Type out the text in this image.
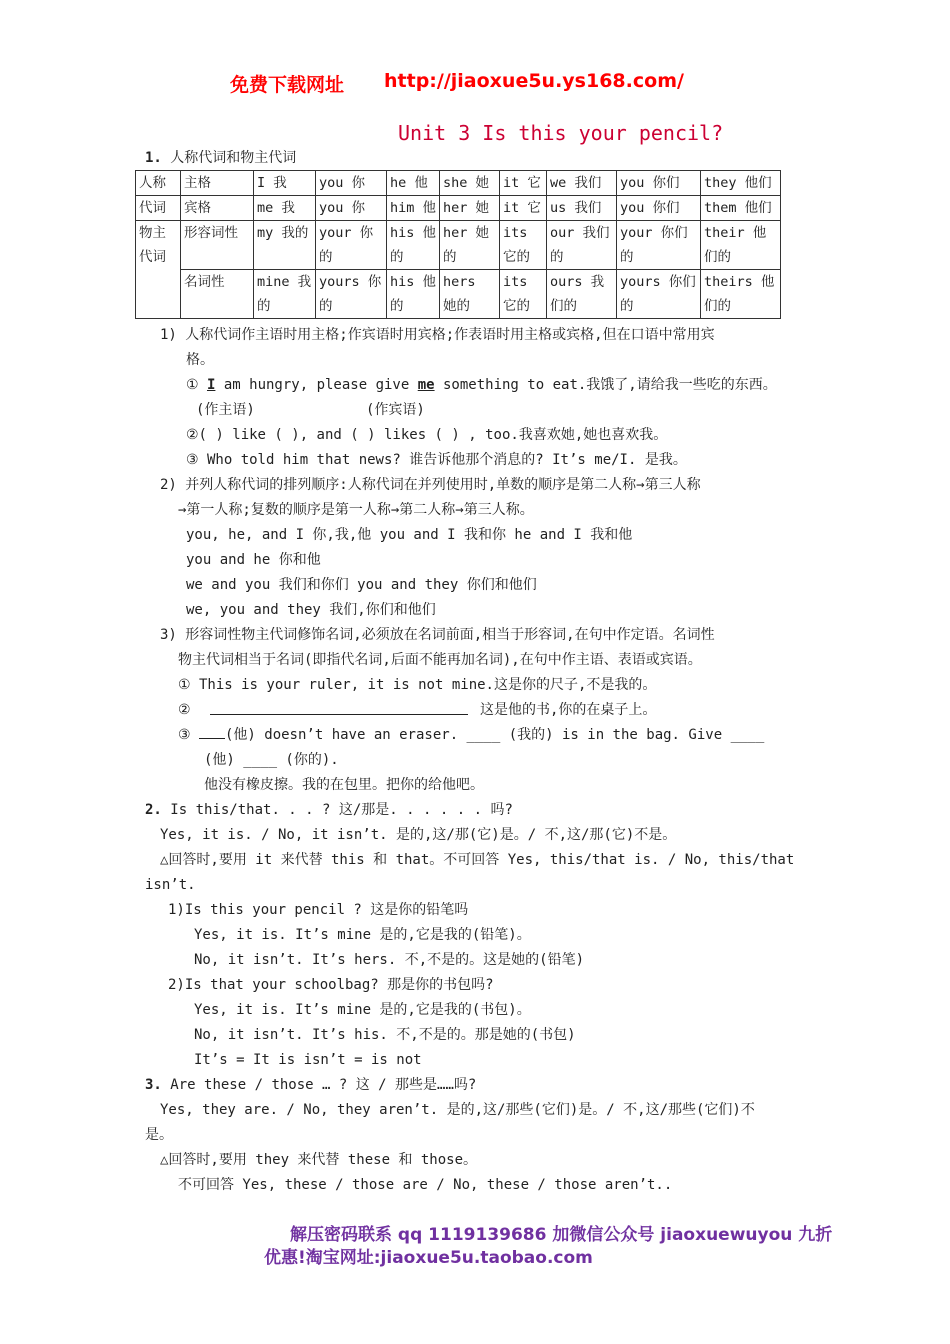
免费下载网址 http://jiaoxue5u.ys168.com/
Unit 3 Is this your pencil?
1. 人称代词和物主代词
人称	主格	I 我	you 你	he 他	she 她	it 它	we 我们	you 你们	they 他们
代词	宾格	me 我	you 你	him 他	her 她	it 它	us 我们	you 你们	them 他们
物主代词	形容词性	my 我的	your 你的	his 他的	her 她的	its 它的	our 我们的	your 你们的	their 他们的
	名词性	mine 我的	yours 你的	his 他的	hers 她的	its 它的	ours 我们的	yours 你们的	theirs 他们的
1) 人称代词作主语时用主格;作宾语时用宾格;作表语时用主格或宾格,但在口语中常用宾
格。
① I am hungry, please give me something to eat.我饿了,请给我一些吃的东西。
(作主语)	(作宾语)
②( ) like ( ), and ( ) likes ( ) , too.我喜欢她,她也喜欢我。
③ Who told him that news? 谁告诉他那个消息的? It’s me/I. 是我。
2) 并列人称代词的排列顺序:人称代词在并列使用时,单数的顺序是第二人称→第三人称
→第一人称;复数的顺序是第一人称→第二人称→第三人称。
you, he, and I 你,我,他 you and I 我和你 he and I 我和他
you and he 你和他
we and you 我们和你们 you and they 你们和他们
we, you and they 我们,你们和他们
3) 形容词性物主代词修饰名词,必须放在名词前面,相当于形容词,在句中作定语。名词性
物主代词相当于名词(即指代名词,后面不能再加名词),在句中作主语、表语或宾语。
① This is your ruler, it is not mine.这是你的尺子,不是我的。
②	这是他的书,你的在桌子上。
③ (他) doesn’t have an eraser. ____ (我的) is in the bag. Give ____
(他) ____ (你的).
他没有橡皮擦。我的在包里。把你的给他吧。
2. Is this/that. . . ? 这/那是. . . . . . 吗?
Yes, it is. / No, it isn’t. 是的,这/那(它)是。/ 不,这/那(它)不是。
△回答时,要用 it 来代替 this 和 that。不可回答 Yes, this/that is. / No, this/that
isn’t.
1)Is this your pencil ? 这是你的铅笔吗
Yes, it is. It’s mine 是的,它是我的(铅笔)。
No, it isn’t. It’s hers. 不,不是的。这是她的(铅笔)
2)Is that your schoolbag? 那是你的书包吗?
Yes, it is. It’s mine 是的,它是我的(书包)。
No, it isn’t. It’s his. 不,不是的。那是她的(书包)
It’s = It is isn’t = is not
3. Are these / those … ? 这 / 那些是……吗?
Yes, they are. / No, they aren’t. 是的,这/那些(它们)是。/ 不,这/那些(它们)不
是。
△回答时,要用 they 来代替 these 和 those。
不可回答 Yes, these / those are / No, these / those aren’t..
解压密码联系 qq 1119139686 加微信公众号 jiaoxuewuyou 九折
优惠!淘宝网址:jiaoxue5u.taobao.com
